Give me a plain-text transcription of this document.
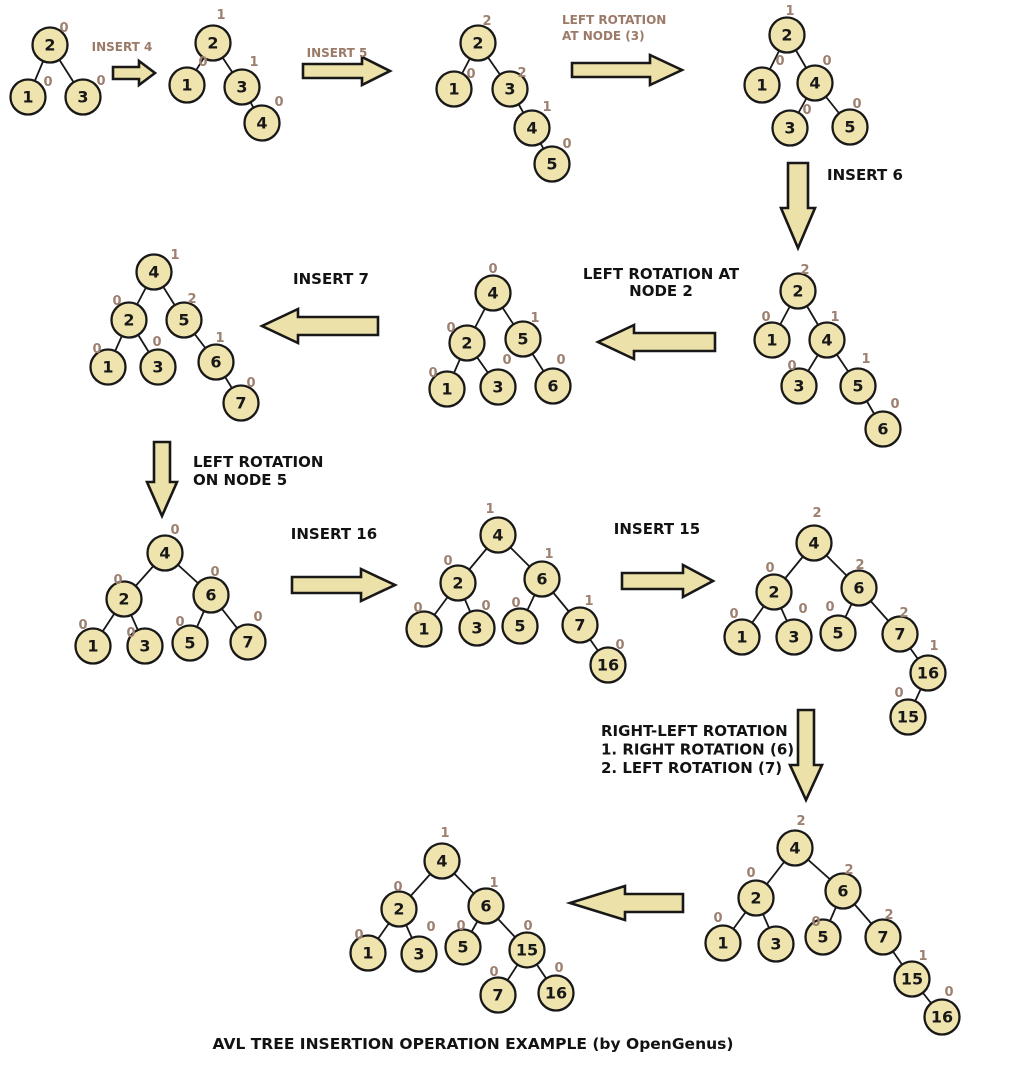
AVL TREE INSERTION OPERATION EXAMPLE (by OpenGenus)
2
0
1
0
3
0
2
1
1
0
3
1
4
0
2
2
1
0
3
2
4
1
5
0
2
1
1
0
4
0
3
0
5
0
2
2
1
0
4
1
3
0
5
1
6
0
4
0
2
0
5
1
1
0
3
0
6
0
4
1
2
0
5
2
1
0
3
0
6
1
7
0
4
0
2
0
6
0
1
0
3
0	5
0
7
0
4
1
2
0
6
1
1
0
3
0
5
0
7
1
16
0
4
2
2
0
6
2
1
0
3
0
5
0
7
2
16
1
15
0
4
2
2
0
6
2
1
0
3 5
0
7
2
15
1
16
0
4
1
2
0
6
1
1
0
3
0
5
0
15
0
7
0
16
0
INSERT 4	INSERT 5
LEFT ROTATION
AT NODE (3)
INSERT 6
LEFT ROTATION AT
NODE 2
INSERT 7
LEFT ROTATION
ON NODE 5
INSERT 16	INSERT 15
RIGHT-LEFT ROTATION
1. RIGHT ROTATION (6)
2. LEFT ROTATION (7)
